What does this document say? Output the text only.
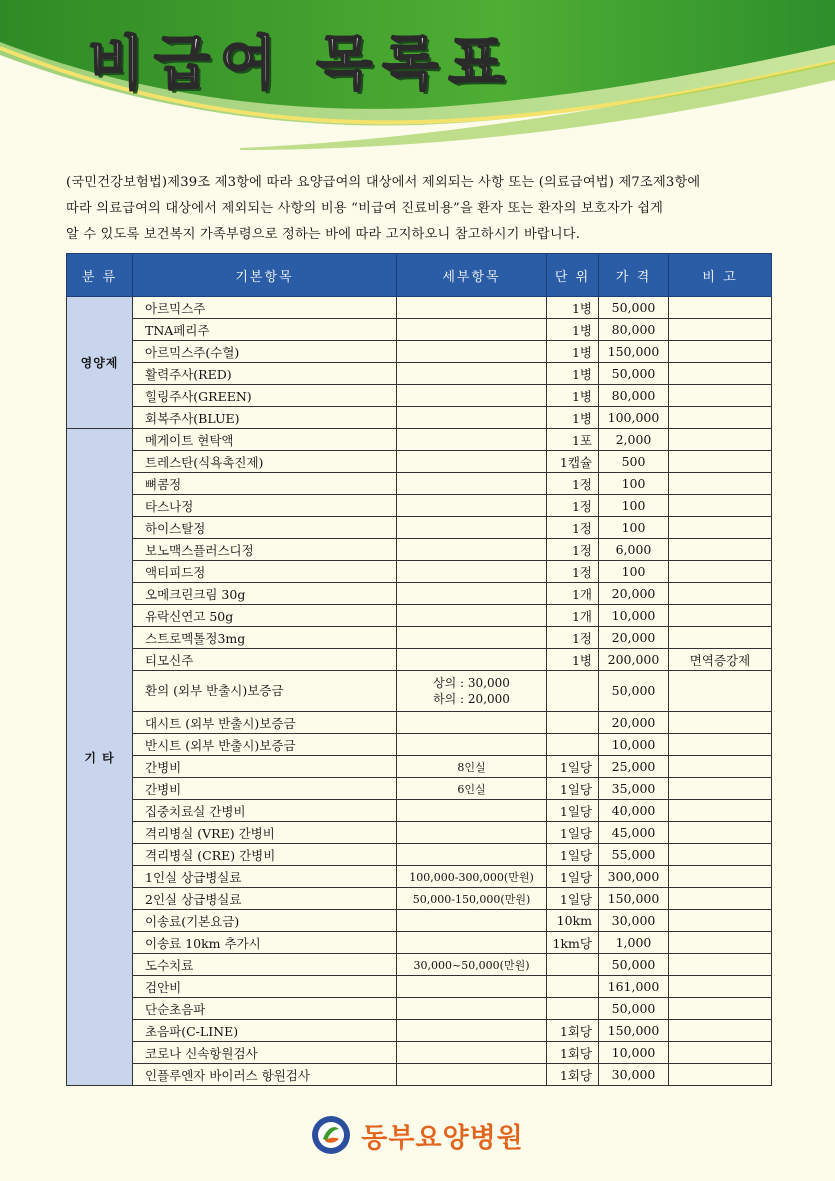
비급여 목록표
(국민건강보험법)제39조 제3항에 따라 요양급여의 대상에서 제외되는 사항 또는 (의료급여법) 제7조제3항에
따라 의료급여의 대상에서 제외되는 사항의 비용 “비급여 진료비용”을 환자 또는 환자의 보호자가 쉽게
알 수 있도록 보건복지 가족부령으로 정하는 바에 따라 고지하오니 참고하시기 바랍니다.
분 류	기본항목	세부항목	단 위	가 격	비 고
영양제	아르믹스주		1병	50,000	
	TNA페리주		1병	80,000	
	아르믹스주(수혈)		1병	150,000	
	활력주사(RED)		1병	50,000	
	힐링주사(GREEN)		1병	80,000	
	회복주사(BLUE)		1병	100,000	
기 타	메게이트 현탁액		1포	2,000	
	트레스탄(식욕촉진제)		1캡슐	500	
	뼈콤정		1정	100	
	타스나정		1정	100	
	하이스탈정		1정	100	
	보노맥스플러스디정		1정	6,000	
	액티피드정		1정	100	
	오메크린크림 30g		1개	20,000	
	유락신연고 50g		1개	10,000	
	스트로멕톨정3mg		1정	20,000	
	티모신주		1병	200,000	면역증강제
	환의 (외부 반출시)보증금	상의 : 30,000
하의 : 20,000		50,000	
	대시트 (외부 반출시)보증금			20,000	
	반시트 (외부 반출시)보증금			10,000	
	간병비	8인실	1일당	25,000	
	간병비	6인실	1일당	35,000	
	집중치료실 간병비		1일당	40,000	
	격리병실 (VRE) 간병비		1일당	45,000	
	격리병실 (CRE) 간병비		1일당	55,000	
	1인실 상급병실료	100,000-300,000(만원)	1일당	300,000	
	2인실 상급병실료	50,000-150,000(만원)	1일당	150,000	
	이송료(기본요금)		10km	30,000	
	이송료 10km 추가시		1km당	1,000	
	도수치료	30,000~50,000(만원)		50,000	
	검안비			161,000	
	단순초음파			50,000	
	초음파(C-LINE)		1회당	150,000	
	코로나 신속항원검사		1회당	10,000	
	인플루엔자 바이러스 항원검사		1회당	30,000	
동부요양병원
